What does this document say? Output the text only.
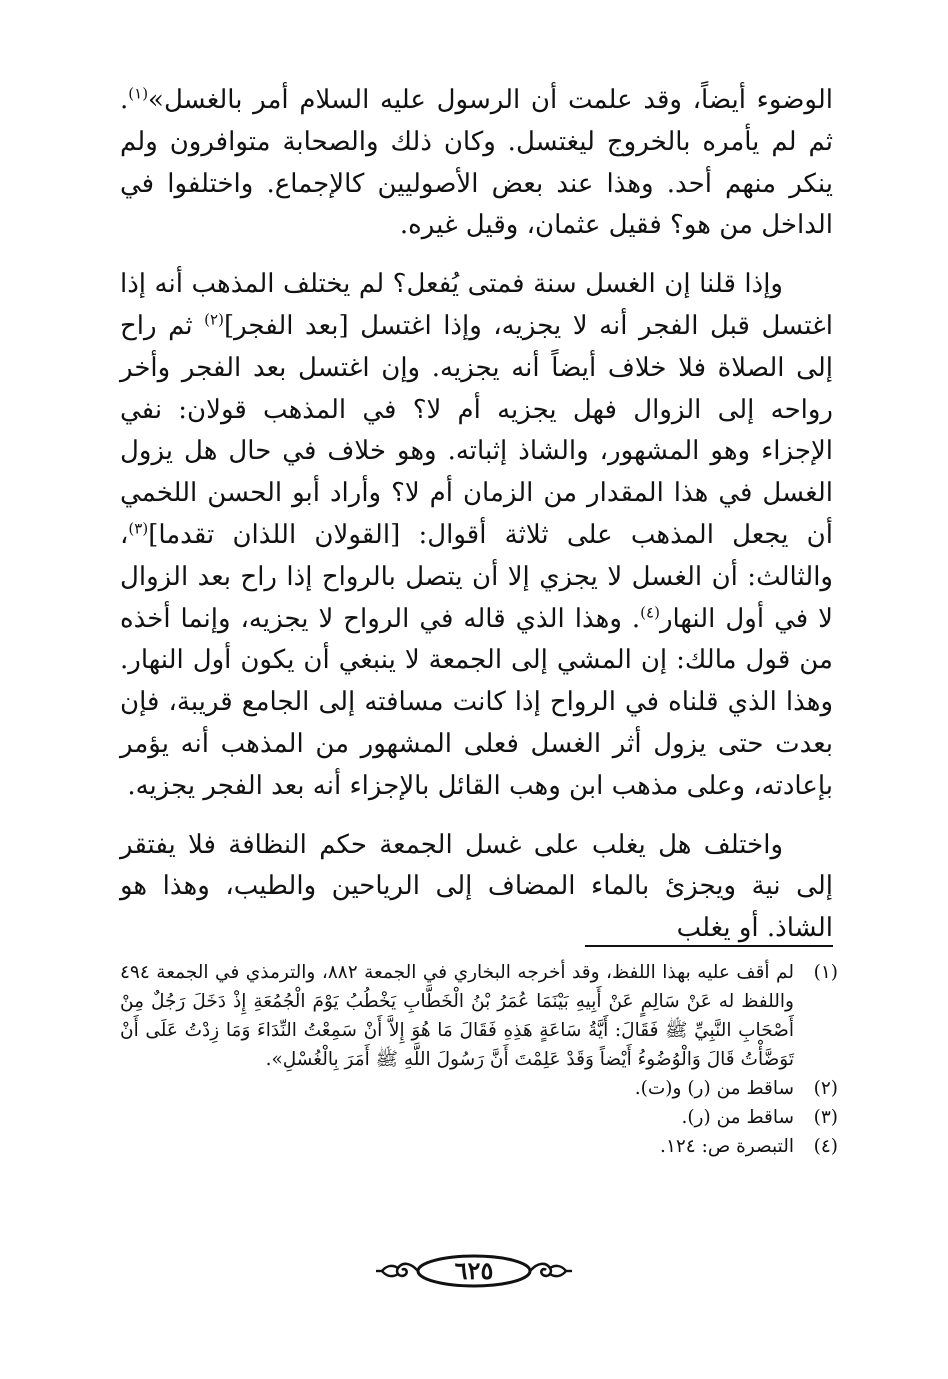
الوضوء أيضاً، وقد علمت أن الرسول عليه السلام أمر بالغسل»$^{(١)}$. ثم لم يأمره بالخروج ليغتسل. وكان ذلك والصحابة متوافرون ولم ينكر منهم أحد. وهذا عند بعض الأصوليين كالإجماع. واختلفوا في الداخل من هو؟ فقيل عثمان، وقيل غيره.

وإذا قلنا إن الغسل سنة فمتى يُفعل؟ لم يختلف المذهب أنه إذا اغتسل قبل الفجر أنه لا يجزيه، وإذا اغتسل [بعد الفجر]$^{(٢)}$ ثم راح إلى الصلاة فلا خلاف أيضاً أنه يجزيه. وإن اغتسل بعد الفجر وأخر رواحه إلى الزوال فهل يجزيه أم لا؟ في المذهب قولان: نفي الإجزاء وهو المشهور، والشاذ إثباته. وهو خلاف في حال هل يزول الغسل في هذا المقدار من الزمان أم لا؟ وأراد أبو الحسن اللخمي أن يجعل المذهب على ثلاثة أقوال: [القولان اللذان تقدما]$^{(٣)}$، والثالث: أن الغسل لا يجزي إلا أن يتصل بالرواح إذا راح بعد الزوال لا في أول النهار$^{(٤)}$. وهذا الذي قاله في الرواح لا يجزيه، وإنما أخذه من قول مالك: إن المشي إلى الجمعة لا ينبغي أن يكون أول النهار. وهذا الذي قلناه في الرواح إذا كانت مسافته إلى الجامع قريبة، فإن بعدت حتى يزول أثر الغسل فعلى المشهور من المذهب أنه يؤمر بإعادته، وعلى مذهب ابن وهب القائل بالإجزاء أنه بعد الفجر يجزيه.

واختلف هل يغلب على غسل الجمعة حكم النظافة فلا يفتقر إلى نية ويجزئ بالماء المضاف إلى الرياحين والطيب، وهذا هو الشاذ. أو يغلب

(١)
لم أقف عليه بهذا اللفظ، وقد أخرجه البخاري في الجمعة ٨٨٢، والترمذي في الجمعة ٤٩٤ واللفظ له عَنْ سَالِمٍ عَنْ أَبِيهِ بَيْنَمَا عُمَرُ بْنُ الْخَطَّابِ يَخْطُبُ يَوْمَ الْجُمُعَةِ إِذْ دَخَلَ رَجُلٌ مِنْ أَصْحَابِ النَّبِيِّ ﷺ فَقَالَ: أَيَّةُ سَاعَةٍ هَذِهِ فَقَالَ مَا هُوَ إِلاَّ أَنْ سَمِعْتُ النِّدَاءَ وَمَا زِدْتُ عَلَى أَنْ تَوَضَّأْتُ قَالَ وَالْوُضُوءُ أَيْضاً وَقَدْ عَلِمْتَ أَنَّ رَسُولَ اللَّهِ ﷺ أَمَرَ بِالْغُسْلِ».
(٢)
ساقط من (ر) و(ت).
(٣)
ساقط من (ر).
(٤)
التبصرة ص: ١٢٤.
٦٢٥
